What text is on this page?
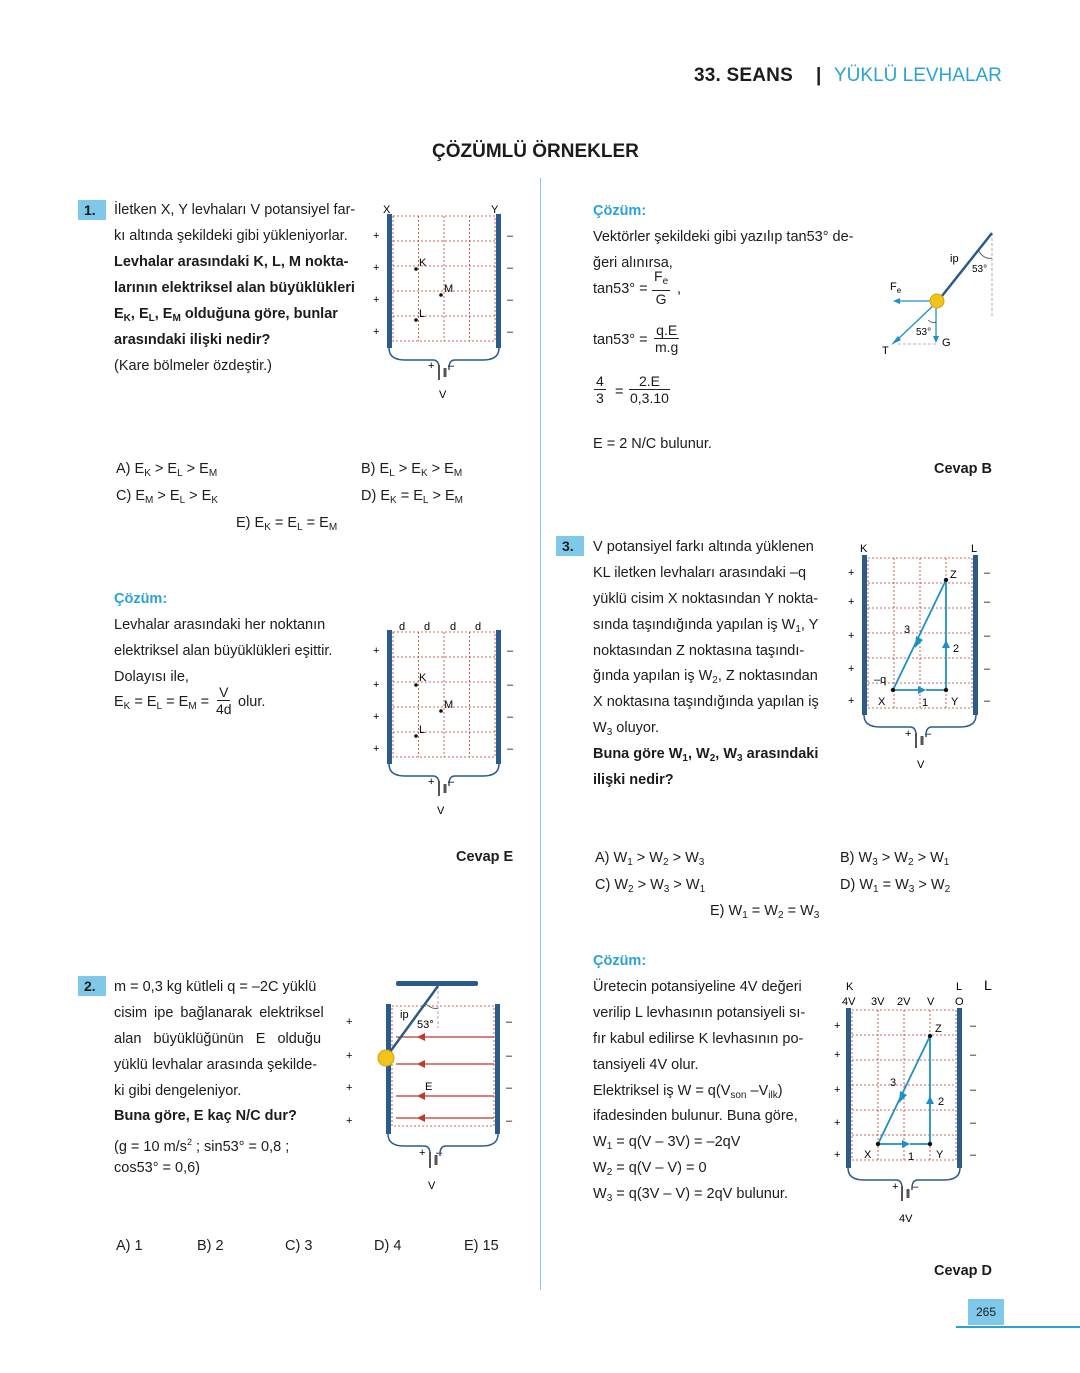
33. SEANS | YÜKLÜ LEVHALAR
ÇÖZÜMLÜ ÖRNEKLER
1.	İletken X, Y levhaları V potansiyel far-
kı altında şekildeki gibi yükleniyorlar.
Levhalar arasındaki K, L, M nokta-
larının elektriksel alan büyüklükleri
$E_K$, $E_L$, $E_M$ olduğuna göre, bunlar
arasındaki ilişki nedir?
(Kare bölmeler özdeştir.)
X	Y
+
+
+
+
–
–
–
–
+ –
K
M
L
V
A) $E_K > E_L > E_M$	B) $E_L > E_K > E_M$
C) $E_M > E_L > E_K$	D) $E_K = E_L > E_M$
E) $E_K = E_L = E_M$
Çözüm:
Levhalar arasındaki her noktanın
elektriksel alan büyüklükleri eşittir.
Dolayısı ile,
$E_K = E_L = E_M = \frac{V}{4d}$ olur.
d d d d
+
+
+
+
–
–
–
–
+ –
K
M
L
V
Cevap E
2.	m = 0,3 kg kütleli q = –2C yüklü
cisim ipe bağlanarak elektriksel
alan büyüklüğünün E olduğu
yüklü levhalar arasında şekilde-
ki gibi dengeleniyor.
Buna göre, E kaç N/C dur?
(g = 10 $m/s^2$ ; sin53° = 0,8 ;
cos53° = 0,6)
ip
53°
E
+
+
+
+
–
–
–
–
+ –
V
A) 1	B) 2	C) 3	D) 4	E) 15
Çözüm:
Vektörler şekildeki gibi yazılıp tan53° de-
ğeri alınırsa,
$\tan 53^\circ = \frac{F_e}{G}$ ,
$\tan 53^\circ = \frac{q.E}{m.g}$
$\frac{4}{3} = \frac{2.E}{0,3.10}$
E = 2 N/C bulunur.
ip
53°
$F_e$
53°
T
G
Cevap B
3.	V potansiyel farkı altında yüklenen
KL iletken levhaları arasındaki –q
yüklü cisim X noktasından Y nokta-
sında taşındığında yapılan iş $W_1$, Y
noktasından Z noktasına taşındı-
ğında yapılan iş $W_2$, Z noktasından
X noktasına taşındığında yapılan iş
$W_3$ oluyor.
Buna göre $W_1$, $W_2$, $W_3$ arasındaki
ilişki nedir?
K	L
Z
3
2
–q
X	1 Y
+
+
+
+
+
–
–
–
–
–
+ –
V
A) $W_1 > W_2 > W_3$	B) $W_3 > W_2 > W_1$
C) $W_2 > W_3 > W_1$	D) $W_1 = W_3 > W_2$
E) $W_1 = W_2 = W_3$
Çözüm:
Üretecin potansiyeline 4V değeri
verilip L levhasının potansiyeli sı-
fır kabul edilirse K levhasının po-
tansiyeli 4V olur.
Elektriksel iş $W = q(V_{son}$ $-V_{ilk}$)
ifadesinden bulunur. Buna göre,
$W_1 = q(V - 3V) = -2qV$
$W_2 = q(V - V) = 0$
$W_3 = q(3V - V) = 2qV$ bulunur.
K	L L
4V 3V 2V V O
Z
3
2
X	1 Y
+
+
+
+
+
–
–
–
–
–
+ –
4V
Cevap D
265
